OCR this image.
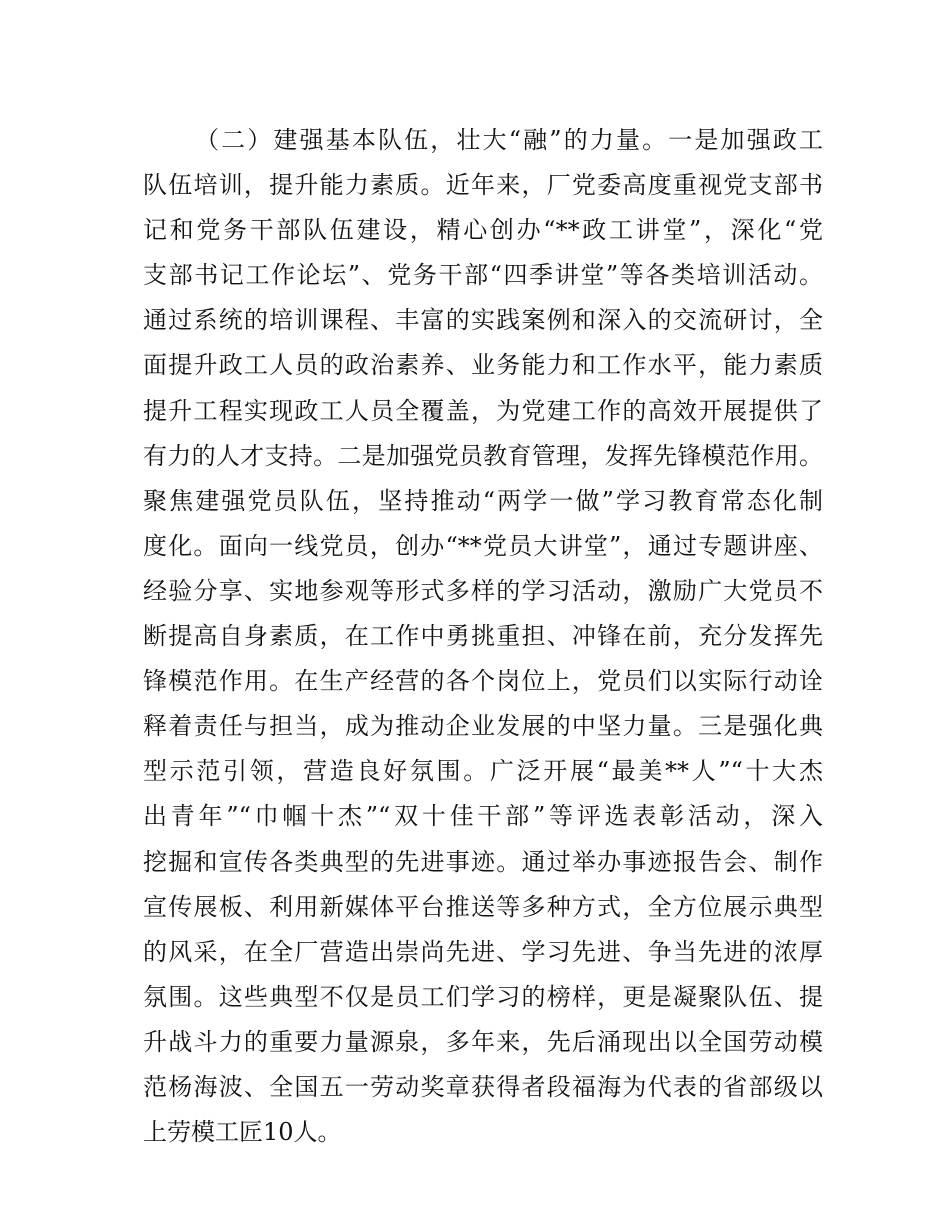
（二）建强基本队伍，壮大“融”的力量。一是加强政工
队伍培训，提升能力素质。近年来，厂党委高度重视党支部书
记和党务干部队伍建设，精心创办“**政工讲堂”，深化“党
支部书记工作论坛”、党务干部“四季讲堂”等各类培训活动。
通过系统的培训课程、丰富的实践案例和深入的交流研讨，全
面提升政工人员的政治素养、业务能力和工作水平，能力素质
提升工程实现政工人员全覆盖，为党建工作的高效开展提供了
有力的人才支持。二是加强党员教育管理，发挥先锋模范作用。
聚焦建强党员队伍，坚持推动“两学一做”学习教育常态化制
度化。面向一线党员，创办“**党员大讲堂”，通过专题讲座、
经验分享、实地参观等形式多样的学习活动，激励广大党员不
断提高自身素质，在工作中勇挑重担、冲锋在前，充分发挥先
锋模范作用。在生产经营的各个岗位上，党员们以实际行动诠
释着责任与担当，成为推动企业发展的中坚力量。三是强化典
型示范引领，营造良好氛围。广泛开展“最美**人”“十大杰
出青年”“巾帼十杰”“双十佳干部”等评选表彰活动，深入
挖掘和宣传各类典型的先进事迹。通过举办事迹报告会、制作
宣传展板、利用新媒体平台推送等多种方式，全方位展示典型
的风采，在全厂营造出崇尚先进、学习先进、争当先进的浓厚
氛围。这些典型不仅是员工们学习的榜样，更是凝聚队伍、提
升战斗力的重要力量源泉，多年来，先后涌现出以全国劳动模
范杨海波、全国五一劳动奖章获得者段福海为代表的省部级以
上劳模工匠10人。
